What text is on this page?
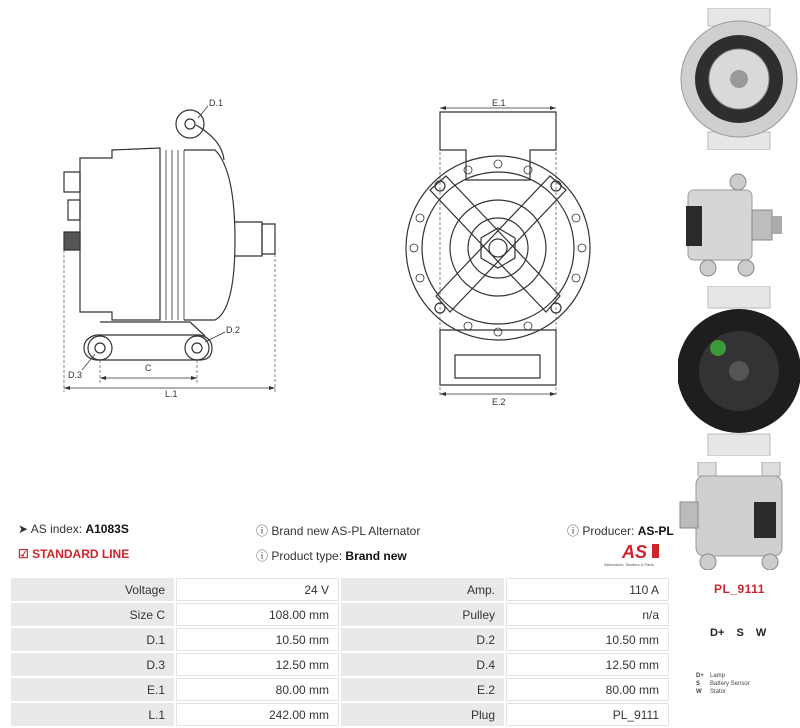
D.1
D.2
D.3
C
L.1
E.1
E.2
➤ AS index: A1083S
☑ STANDARD LINE
ⓘ Brand new AS-PL Alternator
ⓘ Product type: Brand new
ⓘ Producer: AS-PL
AS
Alternators, Starters & Parts
Voltage	24 V	Amp.	110 A
Size C	108.00 mm	Pulley	n/a
D.1	10.50 mm	D.2	10.50 mm
D.3	12.50 mm	D.4	12.50 mm
E.1	80.00 mm	E.2	80.00 mm
L.1	242.00 mm	Plug	PL_9111
PL_9111
D+ S W
D+ Lamp
S Battery Sensor
W Stator
